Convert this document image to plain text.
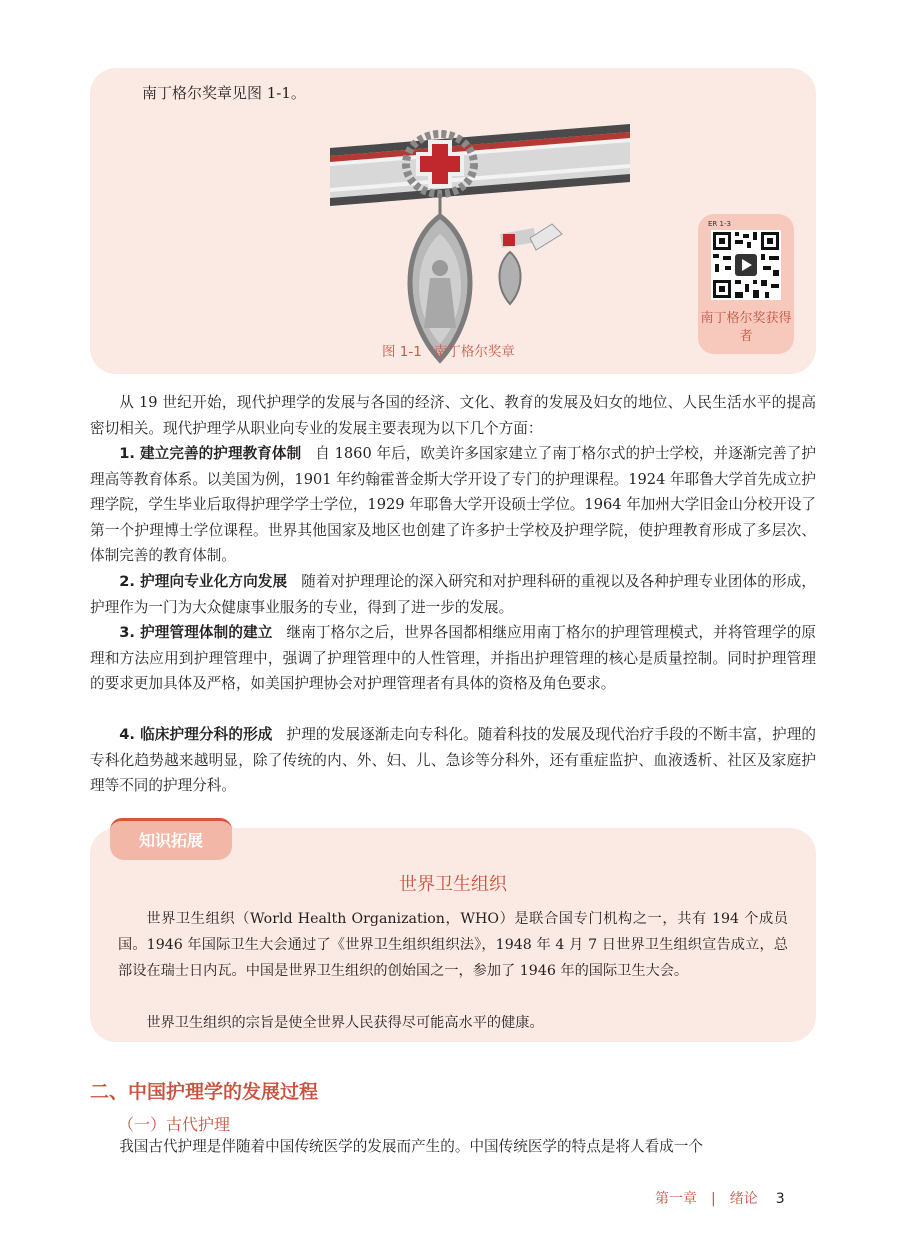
南丁格尔奖章见图 1-1。
图 1-1 南丁格尔奖章
ER 1-3
南丁格尔奖获得者

从 19 世纪开始，现代护理学的发展与各国的经济、文化、教育的发展及妇女的地位、人民生活水平的提高密切相关。现代护理学从职业向专业的发展主要表现为以下几个方面：

1. 建立完善的护理教育体制 自 1860 年后，欧美许多国家建立了南丁格尔式的护士学校，并逐渐完善了护理高等教育体系。以美国为例，1901 年约翰霍普金斯大学开设了专门的护理课程。1924 年耶鲁大学首先成立护理学院，学生毕业后取得护理学学士学位，1929 年耶鲁大学开设硕士学位。1964 年加州大学旧金山分校开设了第一个护理博士学位课程。世界其他国家及地区也创建了许多护士学校及护理学院，使护理教育形成了多层次、体制完善的教育体制。

2. 护理向专业化方向发展 随着对护理理论的深入研究和对护理科研的重视以及各种护理专业团体的形成，护理作为一门为大众健康事业服务的专业，得到了进一步的发展。

3. 护理管理体制的建立 继南丁格尔之后，世界各国都相继应用南丁格尔的护理管理模式，并将管理学的原理和方法应用到护理管理中，强调了护理管理中的人性管理，并指出护理管理的核心是质量控制。同时护理管理的要求更加具体及严格，如美国护理协会对护理管理者有具体的资格及角色要求。

4. 临床护理分科的形成 护理的发展逐渐走向专科化。随着科技的发展及现代治疗手段的不断丰富，护理的专科化趋势越来越明显，除了传统的内、外、妇、儿、急诊等分科外，还有重症监护、血液透析、社区及家庭护理等不同的护理分科。

知识拓展
世界卫生组织

世界卫生组织（World Health Organization，WHO）是联合国专门机构之一，共有 194 个成员国。1946 年国际卫生大会通过了《世界卫生组织组织法》，1948 年 4 月 7 日世界卫生组织宣告成立，总部设在瑞士日内瓦。中国是世界卫生组织的创始国之一，参加了 1946 年的国际卫生大会。

世界卫生组织的宗旨是使全世界人民获得尽可能高水平的健康。

二、中国护理学的发展过程
（一）古代护理

我国古代护理是伴随着中国传统医学的发展而产生的。中国传统医学的特点是将人看成一个

第一章 | 绪论 3
